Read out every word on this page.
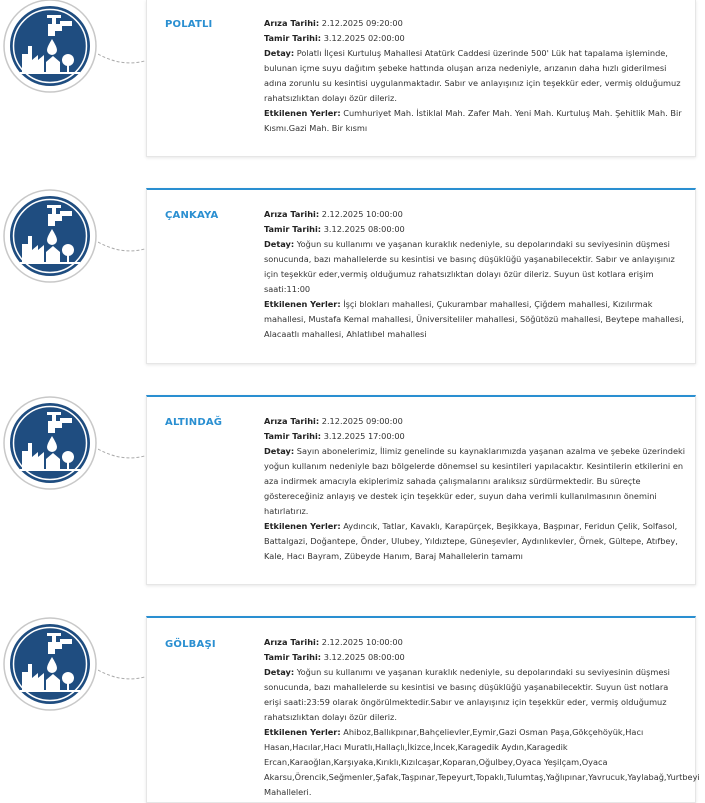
POLATLI	Arıza Tarihi: 2.12.2025 09:20:00
Tamir Tarihi: 3.12.2025 02:00:00
Detay: Polatlı İlçesi Kurtuluş Mahallesi Atatürk Caddesi üzerinde 500' Lük hat tapalama işleminde, bulunan içme suyu dağıtım şebeke hattında oluşan arıza nedeniyle, arızanın daha hızlı giderilmesi adına zorunlu su kesintisi uygulanmaktadır. Sabır ve anlayışınız için teşekkür eder, vermiş olduğumuz rahatsızlıktan dolayı özür dileriz.
Etkilenen Yerler: Cumhuriyet Mah. İstiklal Mah. Zafer Mah. Yeni Mah. Kurtuluş Mah. Şehitlik Mah. Bir Kısmı.Gazi Mah. Bir kısmı
ÇANKAYA	Arıza Tarihi: 2.12.2025 10:00:00
Tamir Tarihi: 3.12.2025 08:00:00
Detay: Yoğun su kullanımı ve yaşanan kuraklık nedeniyle, su depolarındaki su seviyesinin düşmesi sonucunda, bazı mahallelerde su kesintisi ve basınç düşüklüğü yaşanabilecektir. Sabır ve anlayışınız için teşekkür eder,vermiş olduğumuz rahatsızlıktan dolayı özür dileriz. Suyun üst kotlara erişim saati:11:00
Etkilenen Yerler: İşçi blokları mahallesi, Çukurambar mahallesi, Çiğdem mahallesi, Kızılırmak mahallesi, Mustafa Kemal mahallesi, Üniversiteliler mahallesi, Söğütözü mahallesi, Beytepe mahallesi, Alacaatlı mahallesi, Ahlatlıbel mahallesi
ALTINDAĞ	Arıza Tarihi: 2.12.2025 09:00:00
Tamir Tarihi: 3.12.2025 17:00:00
Detay: Sayın abonelerimiz, İlimiz genelinde su kaynaklarımızda yaşanan azalma ve şebeke üzerindeki yoğun kullanım nedeniyle bazı bölgelerde dönemsel su kesintileri yapılacaktır. Kesintilerin etkilerini en aza indirmek amacıyla ekiplerimiz sahada çalışmalarını aralıksız sürdürmektedir. Bu süreçte göstereceğiniz anlayış ve destek için teşekkür eder, suyun daha verimli kullanılmasının önemini hatırlatırız.
Etkilenen Yerler: Aydıncık, Tatlar, Kavaklı, Karapürçek, Beşikkaya, Başpınar, Feridun Çelik, Solfasol, Battalgazi, Doğantepe, Önder, Ulubey, Yıldıztepe, Güneşevler, Aydınlıkevler, Örnek, Gültepe, Atıfbey, Kale, Hacı Bayram, Zübeyde Hanım, Baraj Mahallelerin tamamı
GÖLBAŞI	Arıza Tarihi: 2.12.2025 10:00:00
Tamir Tarihi: 3.12.2025 08:00:00
Detay: Yoğun su kullanımı ve yaşanan kuraklık nedeniyle, su depolarındaki su seviyesinin düşmesi sonucunda, bazı mahallelerde su kesintisi ve basınç düşüklüğü yaşanabilecektir. Suyun üst notlara erişi saati:23:59 olarak öngörülmektedir.Sabır ve anlayışınız için teşekkür eder, vermiş olduğumuz rahatsızlıktan dolayı özür dileriz.
Etkilenen Yerler: Ahiboz,Ballıkpınar,Bahçelievler,Eymir,Gazi Osman Paşa,Gökçehöyük,Hacı Hasan,Hacılar,Hacı Muratlı,Hallaçlı,İkizce,İncek,Karagedik Aydın,Karagedik Ercan,Karaoğlan,Karşıyaka,Kırıklı,Kızılcaşar,Koparan,Oğulbey,Oyaca Yeşilçam,Oyaca Akarsu,Örencik,Seğmenler,Şafak,Taşpınar,Tepeyurt,Topaklı,Tulumtaş,Yağlıpınar,Yavrucuk,Yaylabağ,Yurtbeyi Mahalleleri.
